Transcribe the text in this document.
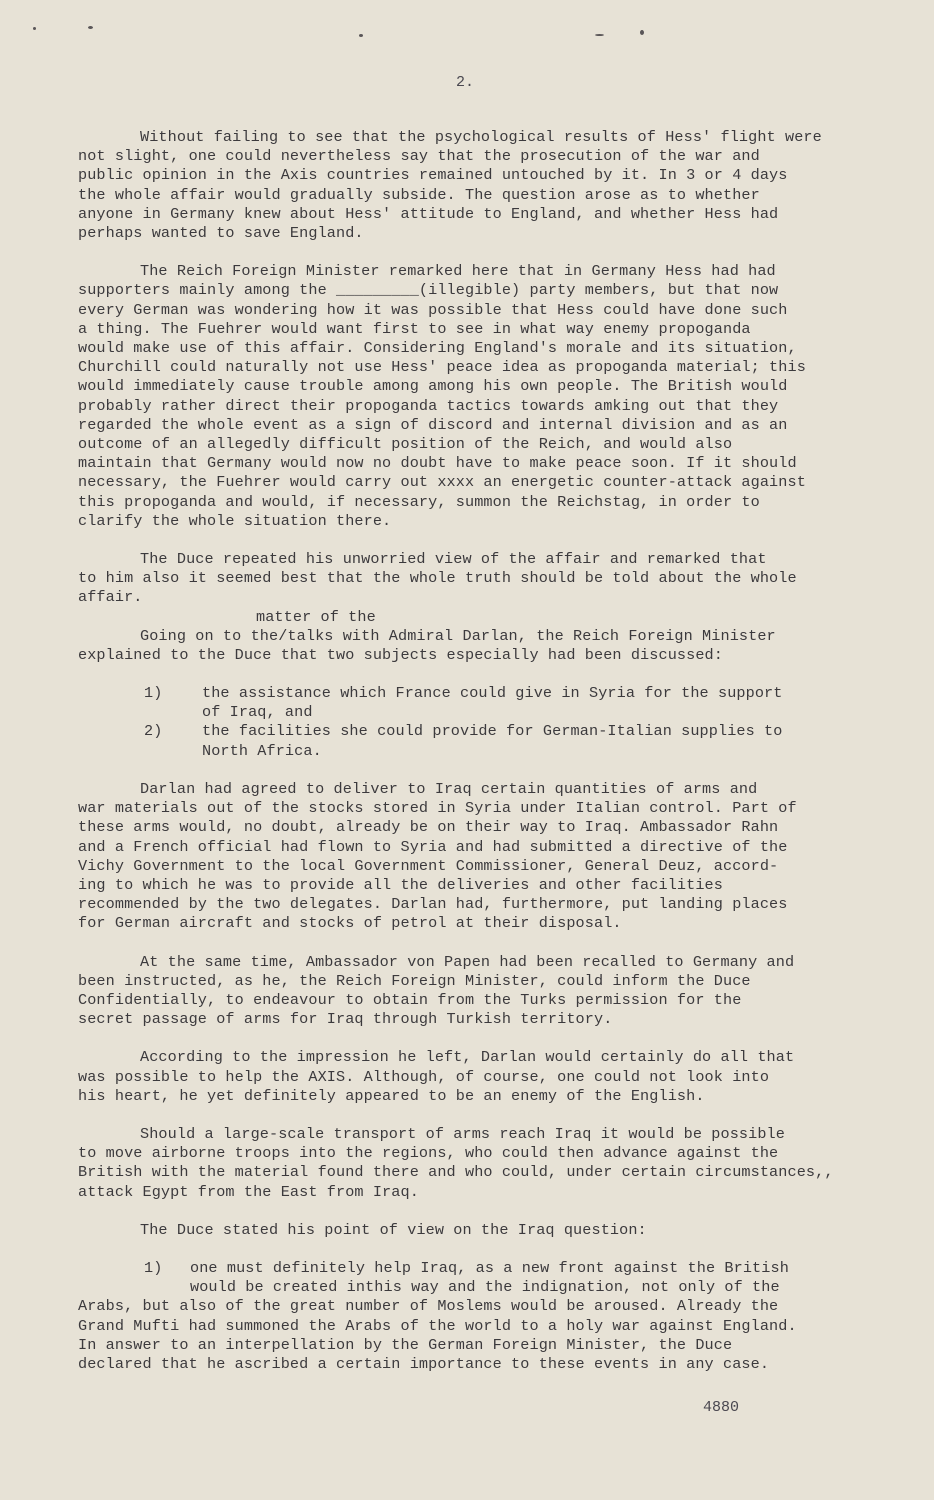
2.

Without failing to see that the psychological results of Hess' flight were
not slight, one could nevertheless say that the prosecution of the war and
public opinion in the Axis countries remained untouched by it. In 3 or 4 days
the whole affair would gradually subside. The question arose as to whether
anyone in Germany knew about Hess' attitude to England, and whether Hess had
perhaps wanted to save England.

The Reich Foreign Minister remarked here that in Germany Hess had had
supporters mainly among the _________(illegible) party members, but that now
every German was wondering how it was possible that Hess could have done such
a thing. The Fuehrer would want first to see in what way enemy propoganda
would make use of this affair. Considering England's morale and its situation,
Churchill could naturally not use Hess' peace idea as propoganda material; this
would immediately cause trouble among among his own people. The British would
probably rather direct their propoganda tactics towards amking out that they
regarded the whole event as a sign of discord and internal division and as an
outcome of an allegedly difficult position of the Reich, and would also
maintain that Germany would now no doubt have to make peace soon. If it should
necessary, the Fuehrer would carry out xxxx an energetic counter-attack against
this propoganda and would, if necessary, summon the Reichstag, in order to
clarify the whole situation there.

The Duce repeated his unworried view of the affair and remarked that
to him also it seemed best that the whole truth should be told about the whole
affair.

matter of the

Going on to the/talks with Admiral Darlan, the Reich Foreign Minister
explained to the Duce that two subjects especially had been discussed:

1)	the assistance which France could give in Syria for the support
of Iraq, and
2)	the facilities she could provide for German-Italian supplies to
North Africa.

Darlan had agreed to deliver to Iraq certain quantities of arms and
war materials out of the stocks stored in Syria under Italian control. Part of
these arms would, no doubt, already be on their way to Iraq. Ambassador Rahn
and a French official had flown to Syria and had submitted a directive of the
Vichy Government to the local Government Commissioner, General Deuz, accord-
ing to which he was to provide all the deliveries and other facilities
recommended by the two delegates. Darlan had, furthermore, put landing places
for German aircraft and stocks of petrol at their disposal.

At the same time, Ambassador von Papen had been recalled to Germany and
been instructed, as he, the Reich Foreign Minister, could inform the Duce
Confidentially, to endeavour to obtain from the Turks permission for the
secret passage of arms for Iraq through Turkish territory.

According to the impression he left, Darlan would certainly do all that
was possible to help the AXIS. Although, of course, one could not look into
his heart, he yet definitely appeared to be an enemy of the English.

Should a large-scale transport of arms reach Iraq it would be possible
to move airborne troops into the regions, who could then advance against the
British with the material found there and who could, under certain circumstances,,
attack Egypt from the East from Iraq.

The Duce stated his point of view on the Iraq question:

1)	one must definitely help Iraq, as a new front against the British
would be created inthis way and the indignation, not only of the
Arabs, but also of the great number of Moslems would be aroused. Already the
Grand Mufti had summoned the Arabs of the world to a holy war against England.
In answer to an interpellation by the German Foreign Minister, the Duce
declared that he ascribed a certain importance to these events in any case.
4880
